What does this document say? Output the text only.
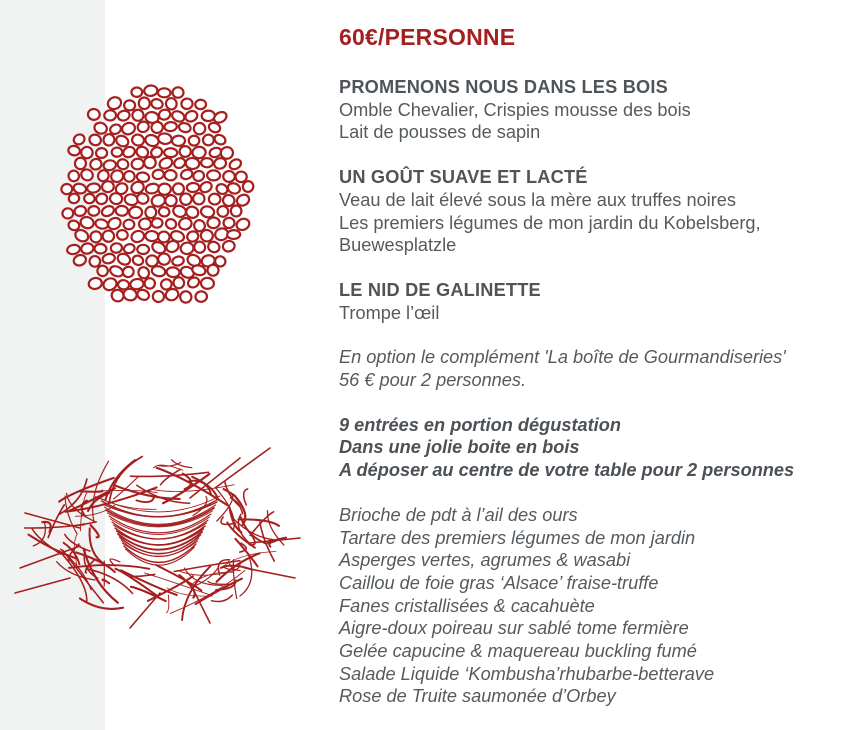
60€/PERSONNE
PROMENONS NOUS DANS LES BOIS
Omble Chevalier, Crispies mousse des bois
Lait de pousses de sapin
UN GOÛT SUAVE ET LACTÉ
Veau de lait élevé sous la mère aux truffes noires
Les premiers légumes de mon jardin du Kobelsberg,
Buewesplatzle
LE NID DE GALINETTE
Trompe l’œil
En option le complément 'La boîte de Gourmandiseries'
56 € pour 2 personnes.
9 entrées en portion dégustation
Dans une jolie boite en bois
A déposer au centre de votre table pour 2 personnes
Brioche de pdt à l’ail des ours
Tartare des premiers légumes de mon jardin
Asperges vertes, agrumes & wasabi
Caillou de foie gras ‘Alsace’ fraise-truffe
Fanes cristallisées & cacahuète
Aigre-doux poireau sur sablé tome fermière
Gelée capucine & maquereau buckling fumé
Salade Liquide ‘Kombusha’rhubarbe-betterave
Rose de Truite saumonée d’Orbey
